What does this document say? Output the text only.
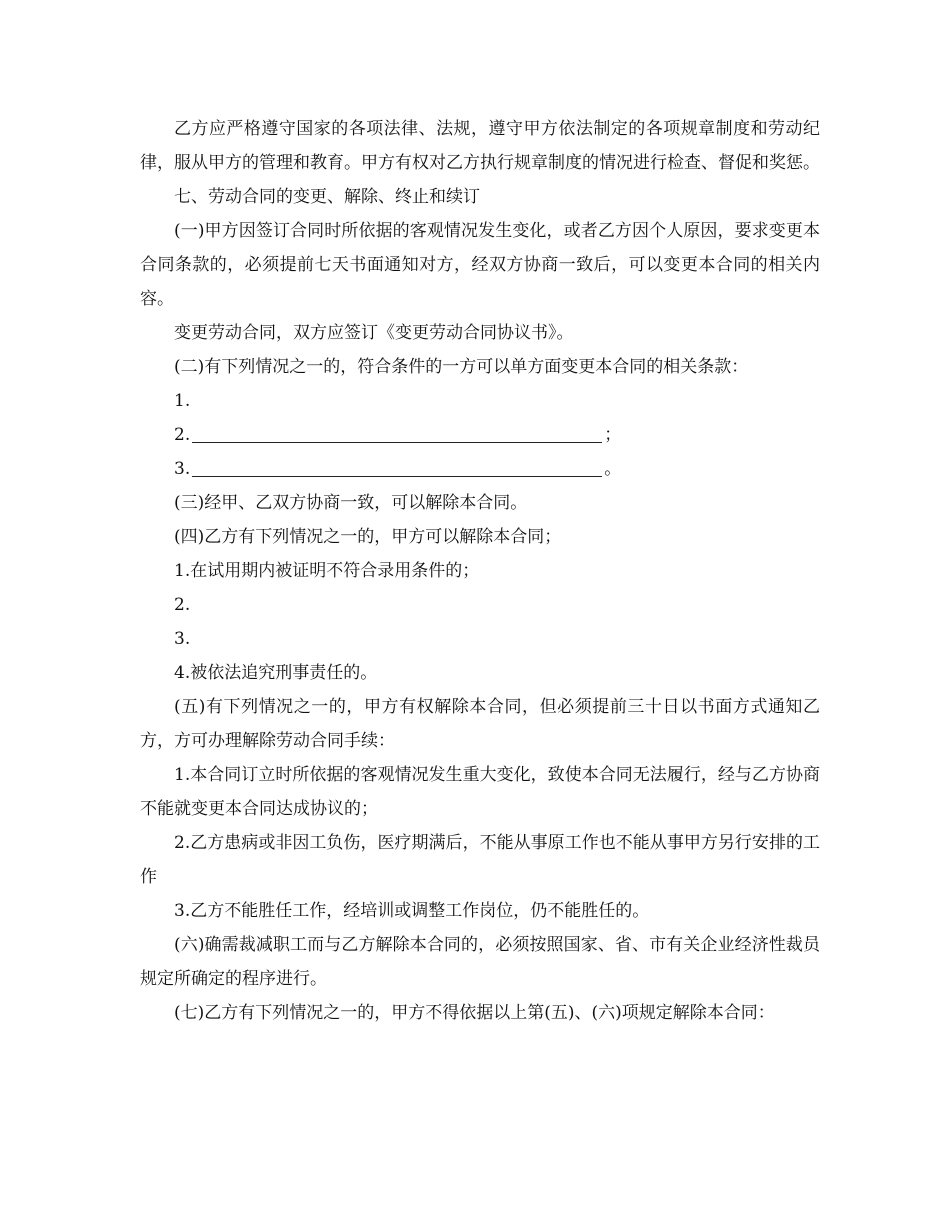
乙方应严格遵守国家的各项法律、法规，遵守甲方依法制定的各项规章制度和劳动纪律，服从甲方的管理和教育。甲方有权对乙方执行规章制度的情况进行检查、督促和奖惩。

七、劳动合同的变更、解除、终止和续订

(一)甲方因签订合同时所依据的客观情况发生变化，或者乙方因个人原因，要求变更本合同条款的，必须提前七天书面通知对方，经双方协商一致后，可以变更本合同的相关内容。

变更劳动合同，双方应签订《变更劳动合同协议书》。

(二)有下列情况之一的，符合条件的一方可以单方面变更本合同的相关条款：

1.

2.	；

3.	。

(三)经甲、乙双方协商一致，可以解除本合同。

(四)乙方有下列情况之一的，甲方可以解除本合同；

1.在试用期内被证明不符合录用条件的；

2.

3.

4.被依法追究刑事责任的。

(五)有下列情况之一的，甲方有权解除本合同，但必须提前三十日以书面方式通知乙方，方可办理解除劳动合同手续：

1.本合同订立时所依据的客观情况发生重大变化，致使本合同无法履行，经与乙方协商不能就变更本合同达成协议的；

2.乙方患病或非因工负伤，医疗期满后，不能从事原工作也不能从事甲方另行安排的工作

3.乙方不能胜任工作，经培训或调整工作岗位，仍不能胜任的。

(六)确需裁减职工而与乙方解除本合同的，必须按照国家、省、市有关企业经济性裁员规定所确定的程序进行。

(七)乙方有下列情况之一的，甲方不得依据以上第(五)、(六)项规定解除本合同：
